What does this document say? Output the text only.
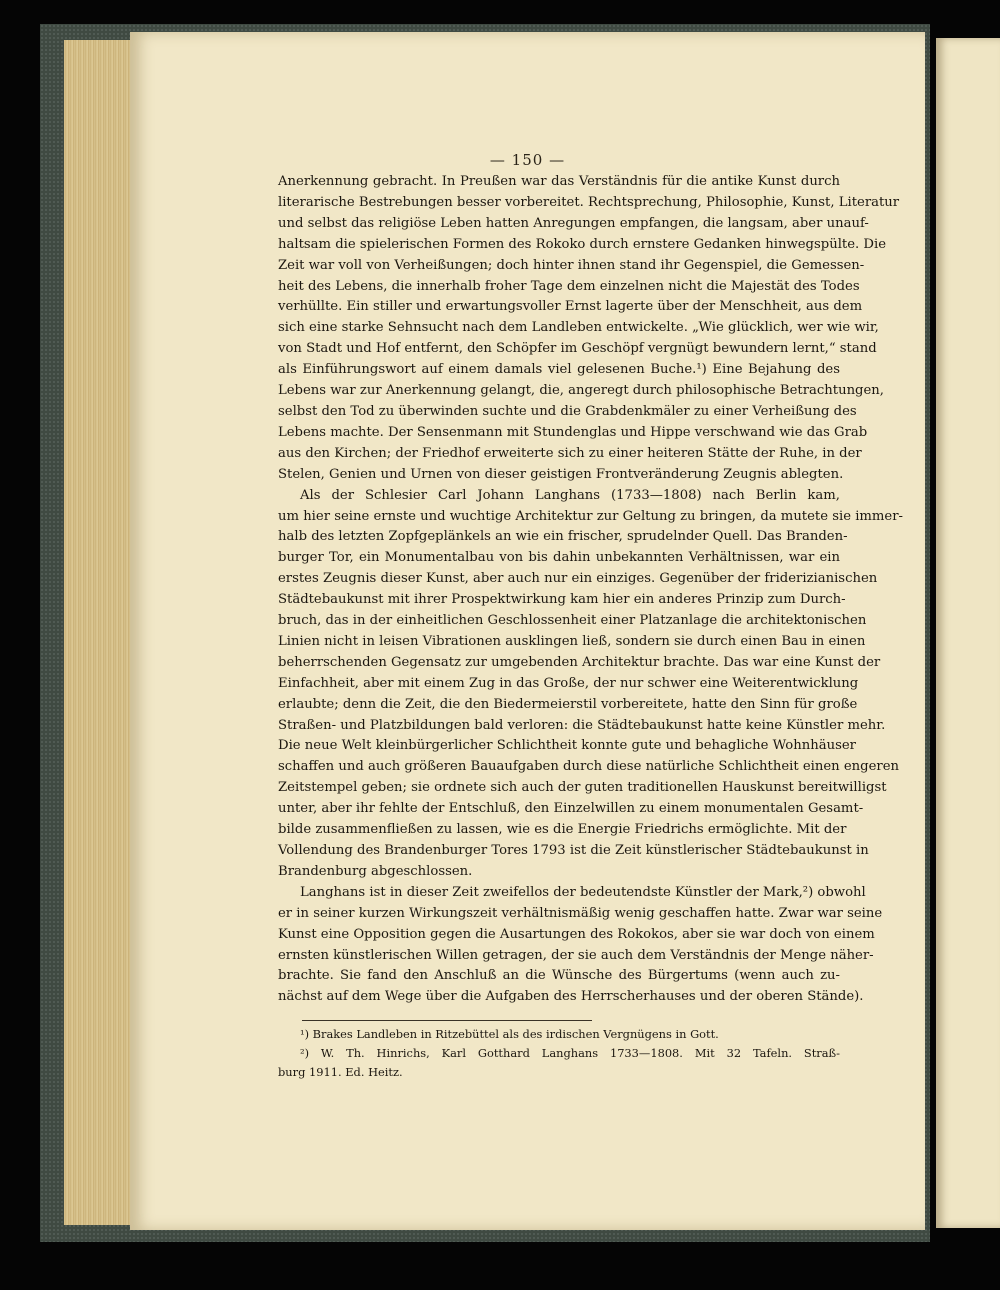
— 150 —
Anerkennung gebracht. In Preußen war das Verständnis für die antike Kunst durch
literarische Bestrebungen besser vorbereitet. Rechtsprechung, Philosophie, Kunst, Literatur
und selbst das religiöse Leben hatten Anregungen empfangen, die langsam, aber unauf-
haltsam die spielerischen Formen des Rokoko durch ernstere Gedanken hinwegspülte. Die
Zeit war voll von Verheißungen; doch hinter ihnen stand ihr Gegenspiel, die Gemessen-
heit des Lebens, die innerhalb froher Tage dem einzelnen nicht die Majestät des Todes
verhüllte. Ein stiller und erwartungsvoller Ernst lagerte über der Menschheit, aus dem
sich eine starke Sehnsucht nach dem Landleben entwickelte. „Wie glücklich, wer wie wir,
von Stadt und Hof entfernt, den Schöpfer im Geschöpf vergnügt bewundern lernt,“ stand
als Einführungswort auf einem damals viel gelesenen Buche.¹) Eine Bejahung des
Lebens war zur Anerkennung gelangt, die, angeregt durch philosophische Betrachtungen,
selbst den Tod zu überwinden suchte und die Grabdenkmäler zu einer Verheißung des
Lebens machte. Der Sensenmann mit Stundenglas und Hippe verschwand wie das Grab
aus den Kirchen; der Friedhof erweiterte sich zu einer heiteren Stätte der Ruhe, in der
Stelen, Genien und Urnen von dieser geistigen Frontveränderung Zeugnis ablegten.
Als der Schlesier Carl Johann Langhans (1733—1808) nach Berlin kam,
um hier seine ernste und wuchtige Architektur zur Geltung zu bringen, da mutete sie immer-
halb des letzten Zopfgeplänkels an wie ein frischer, sprudelnder Quell. Das Branden-
burger Tor, ein Monumentalbau von bis dahin unbekannten Verhältnissen, war ein
erstes Zeugnis dieser Kunst, aber auch nur ein einziges. Gegenüber der friderizianischen
Städtebaukunst mit ihrer Prospektwirkung kam hier ein anderes Prinzip zum Durch-
bruch, das in der einheitlichen Geschlossenheit einer Platzanlage die architektonischen
Linien nicht in leisen Vibrationen ausklingen ließ, sondern sie durch einen Bau in einen
beherrschenden Gegensatz zur umgebenden Architektur brachte. Das war eine Kunst der
Einfachheit, aber mit einem Zug in das Große, der nur schwer eine Weiterentwicklung
erlaubte; denn die Zeit, die den Biedermeierstil vorbereitete, hatte den Sinn für große
Straßen- und Platzbildungen bald verloren: die Städtebaukunst hatte keine Künstler mehr.
Die neue Welt kleinbürgerlicher Schlichtheit konnte gute und behagliche Wohnhäuser
schaffen und auch größeren Bauaufgaben durch diese natürliche Schlichtheit einen engeren
Zeitstempel geben; sie ordnete sich auch der guten traditionellen Hauskunst bereitwilligst
unter, aber ihr fehlte der Entschluß, den Einzelwillen zu einem monumentalen Gesamt-
bilde zusammenfließen zu lassen, wie es die Energie Friedrichs ermöglichte. Mit der
Vollendung des Brandenburger Tores 1793 ist die Zeit künstlerischer Städtebaukunst in
Brandenburg abgeschlossen.
Langhans ist in dieser Zeit zweifellos der bedeutendste Künstler der Mark,²) obwohl
er in seiner kurzen Wirkungszeit verhältnismäßig wenig geschaffen hatte. Zwar war seine
Kunst eine Opposition gegen die Ausartungen des Rokokos, aber sie war doch von einem
ernsten künstlerischen Willen getragen, der sie auch dem Verständnis der Menge näher-
brachte. Sie fand den Anschluß an die Wünsche des Bürgertums (wenn auch zu-
nächst auf dem Wege über die Aufgaben des Herrscherhauses und der oberen Stände).
¹) Brakes Landleben in Ritzebüttel als des irdischen Vergnügens in Gott.
²) W. Th. Hinrichs, Karl Gotthard Langhans 1733—1808. Mit 32 Tafeln. Straß-
burg 1911. Ed. Heitz.
